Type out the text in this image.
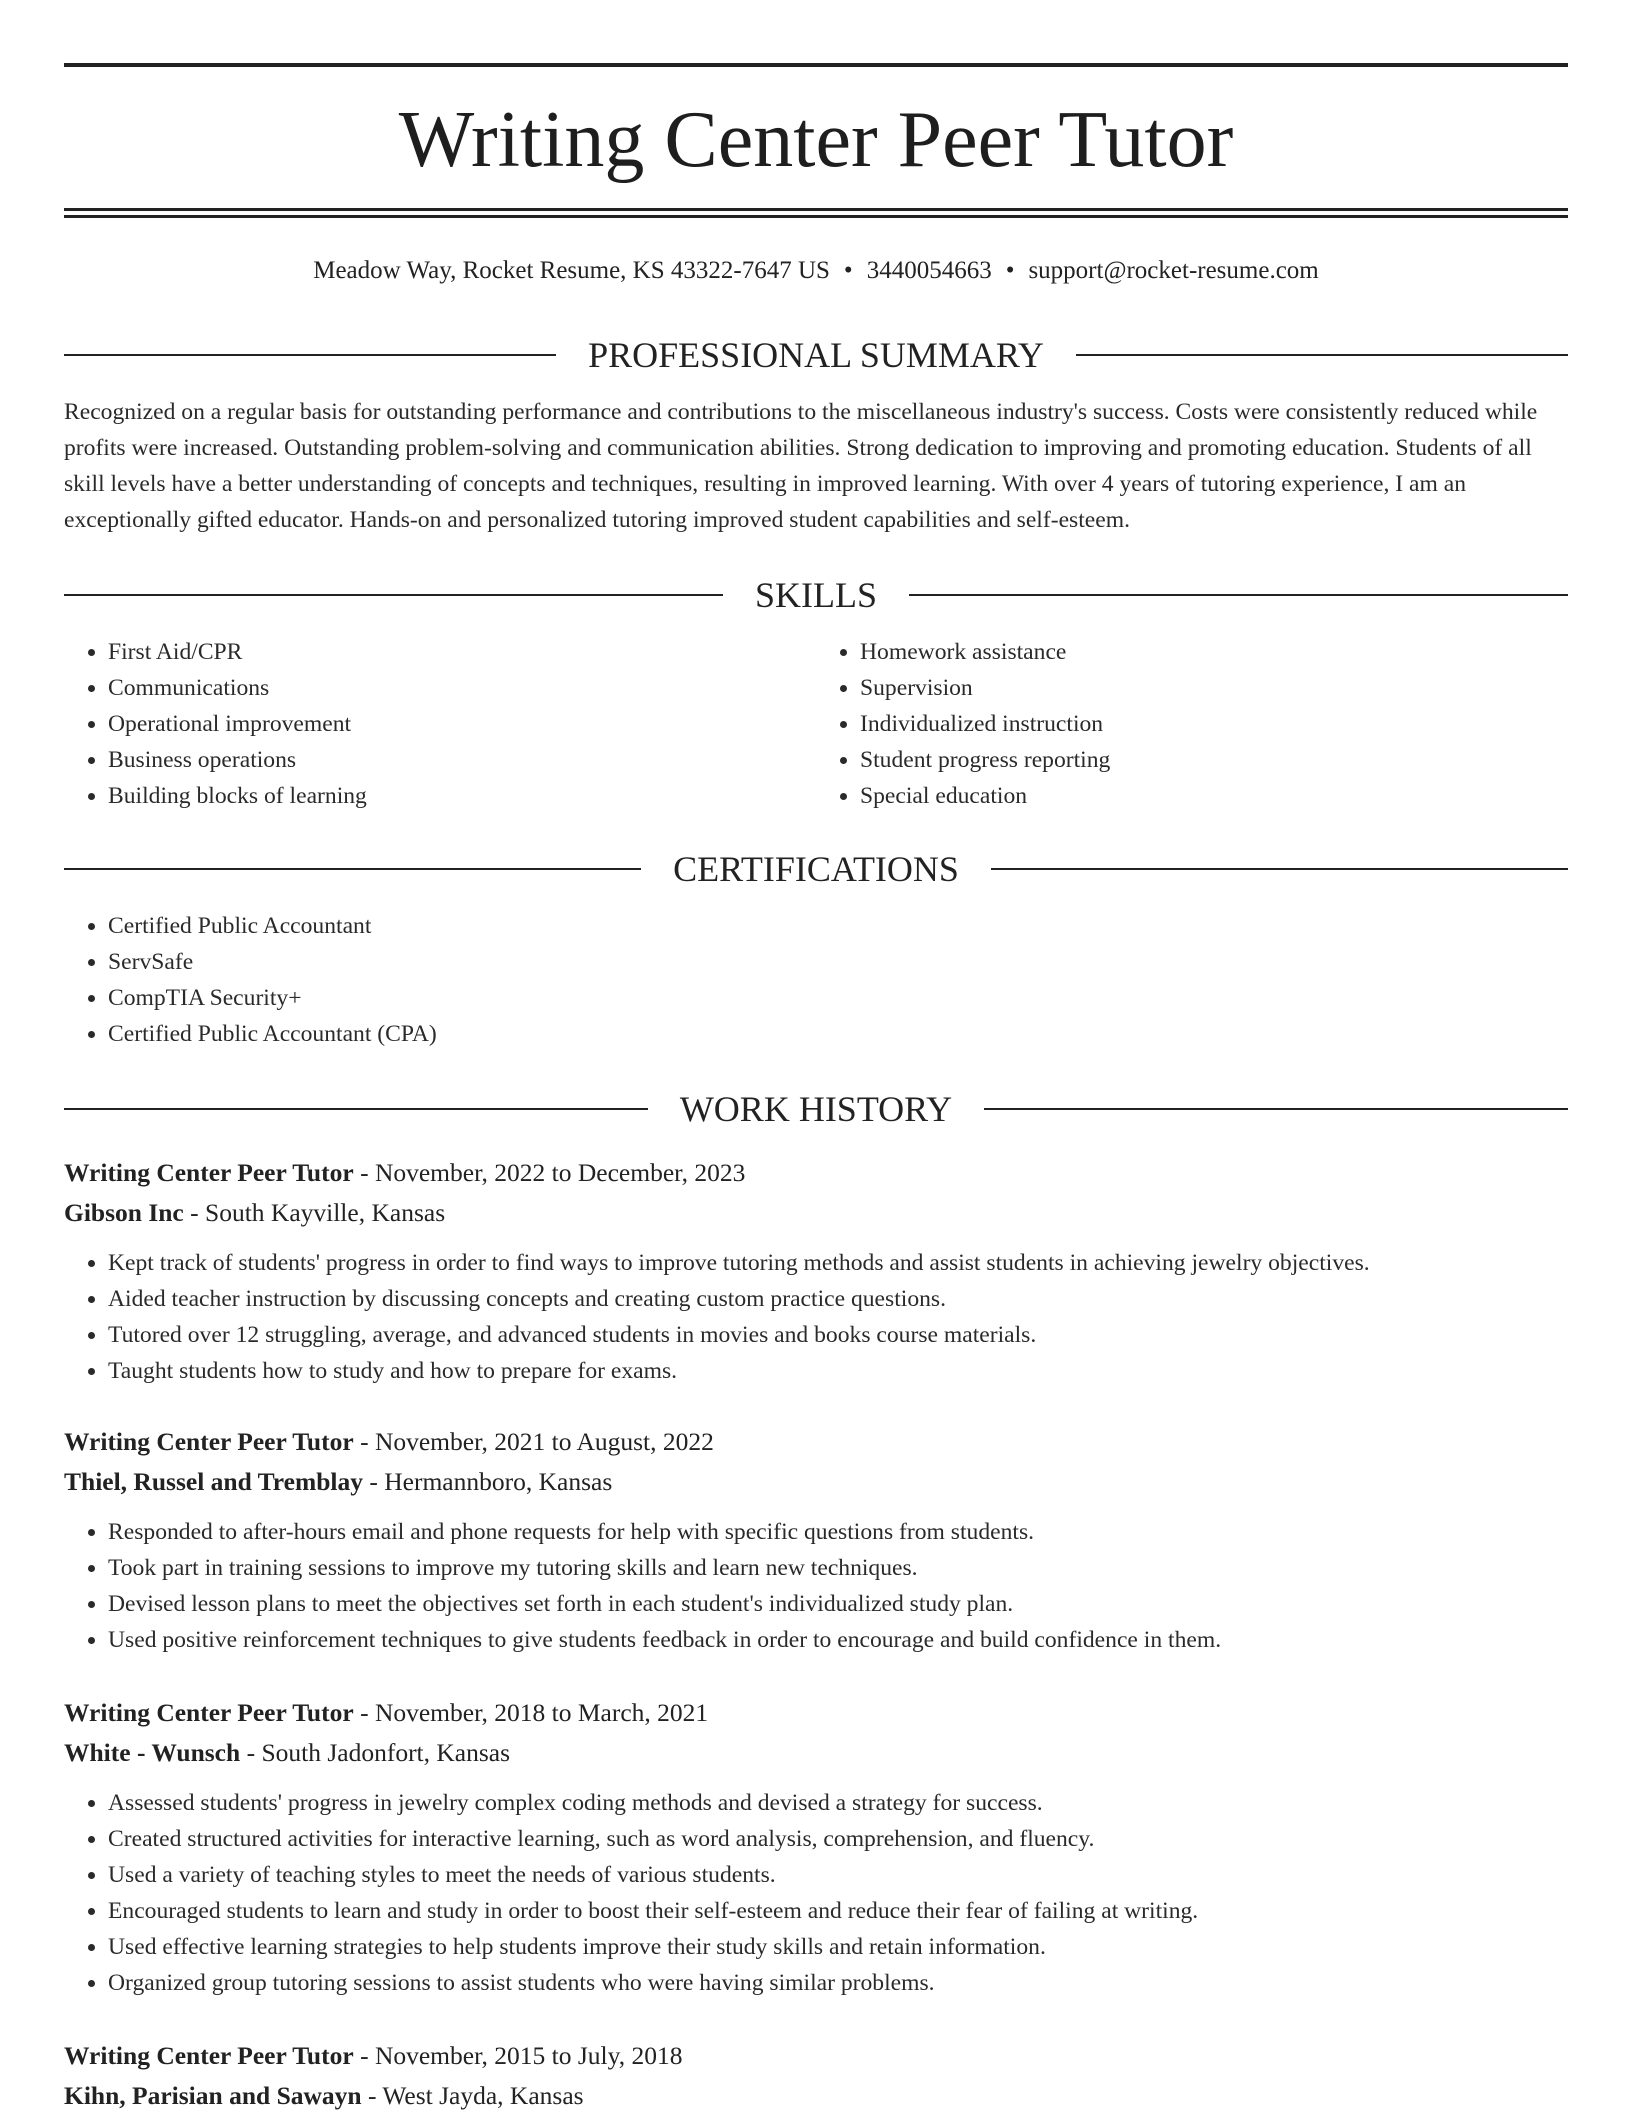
Writing Center Peer Tutor
Meadow Way, Rocket Resume, KS 43322-7647 US • 3440054663 • support@rocket-resume.com
PROFESSIONAL SUMMARY

Recognized on a regular basis for outstanding performance and contributions to the miscellaneous industry's success. Costs were consistently reduced while profits were increased. Outstanding problem-solving and communication abilities. Strong dedication to improving and promoting education. Students of all skill levels have a better understanding of concepts and techniques, resulting in improved learning. With over 4 years of tutoring experience, I am an exceptionally gifted educator. Hands-on and personalized tutoring improved student capabilities and self-esteem.

SKILLS
• First Aid/CPR
• Communications
• Operational improvement
• Business operations
• Building blocks of learning
• Homework assistance
• Supervision
• Individualized instruction
• Student progress reporting
• Special education
CERTIFICATIONS
• Certified Public Accountant
• ServSafe
• CompTIA Security+
• Certified Public Accountant (CPA)
WORK HISTORY
Writing Center Peer Tutor - November, 2022 to December, 2023
Gibson Inc - South Kayville, Kansas
• Kept track of students' progress in order to find ways to improve tutoring methods and assist students in achieving jewelry objectives.
• Aided teacher instruction by discussing concepts and creating custom practice questions.
• Tutored over 12 struggling, average, and advanced students in movies and books course materials.
• Taught students how to study and how to prepare for exams.
Writing Center Peer Tutor - November, 2021 to August, 2022
Thiel, Russel and Tremblay - Hermannboro, Kansas
• Responded to after-hours email and phone requests for help with specific questions from students.
• Took part in training sessions to improve my tutoring skills and learn new techniques.
• Devised lesson plans to meet the objectives set forth in each student's individualized study plan.
• Used positive reinforcement techniques to give students feedback in order to encourage and build confidence in them.
Writing Center Peer Tutor - November, 2018 to March, 2021
White - Wunsch - South Jadonfort, Kansas
• Assessed students' progress in jewelry complex coding methods and devised a strategy for success.
• Created structured activities for interactive learning, such as word analysis, comprehension, and fluency.
• Used a variety of teaching styles to meet the needs of various students.
• Encouraged students to learn and study in order to boost their self-esteem and reduce their fear of failing at writing.
• Used effective learning strategies to help students improve their study skills and retain information.
• Organized group tutoring sessions to assist students who were having similar problems.
Writing Center Peer Tutor - November, 2015 to July, 2018
Kihn, Parisian and Sawayn - West Jayda, Kansas
